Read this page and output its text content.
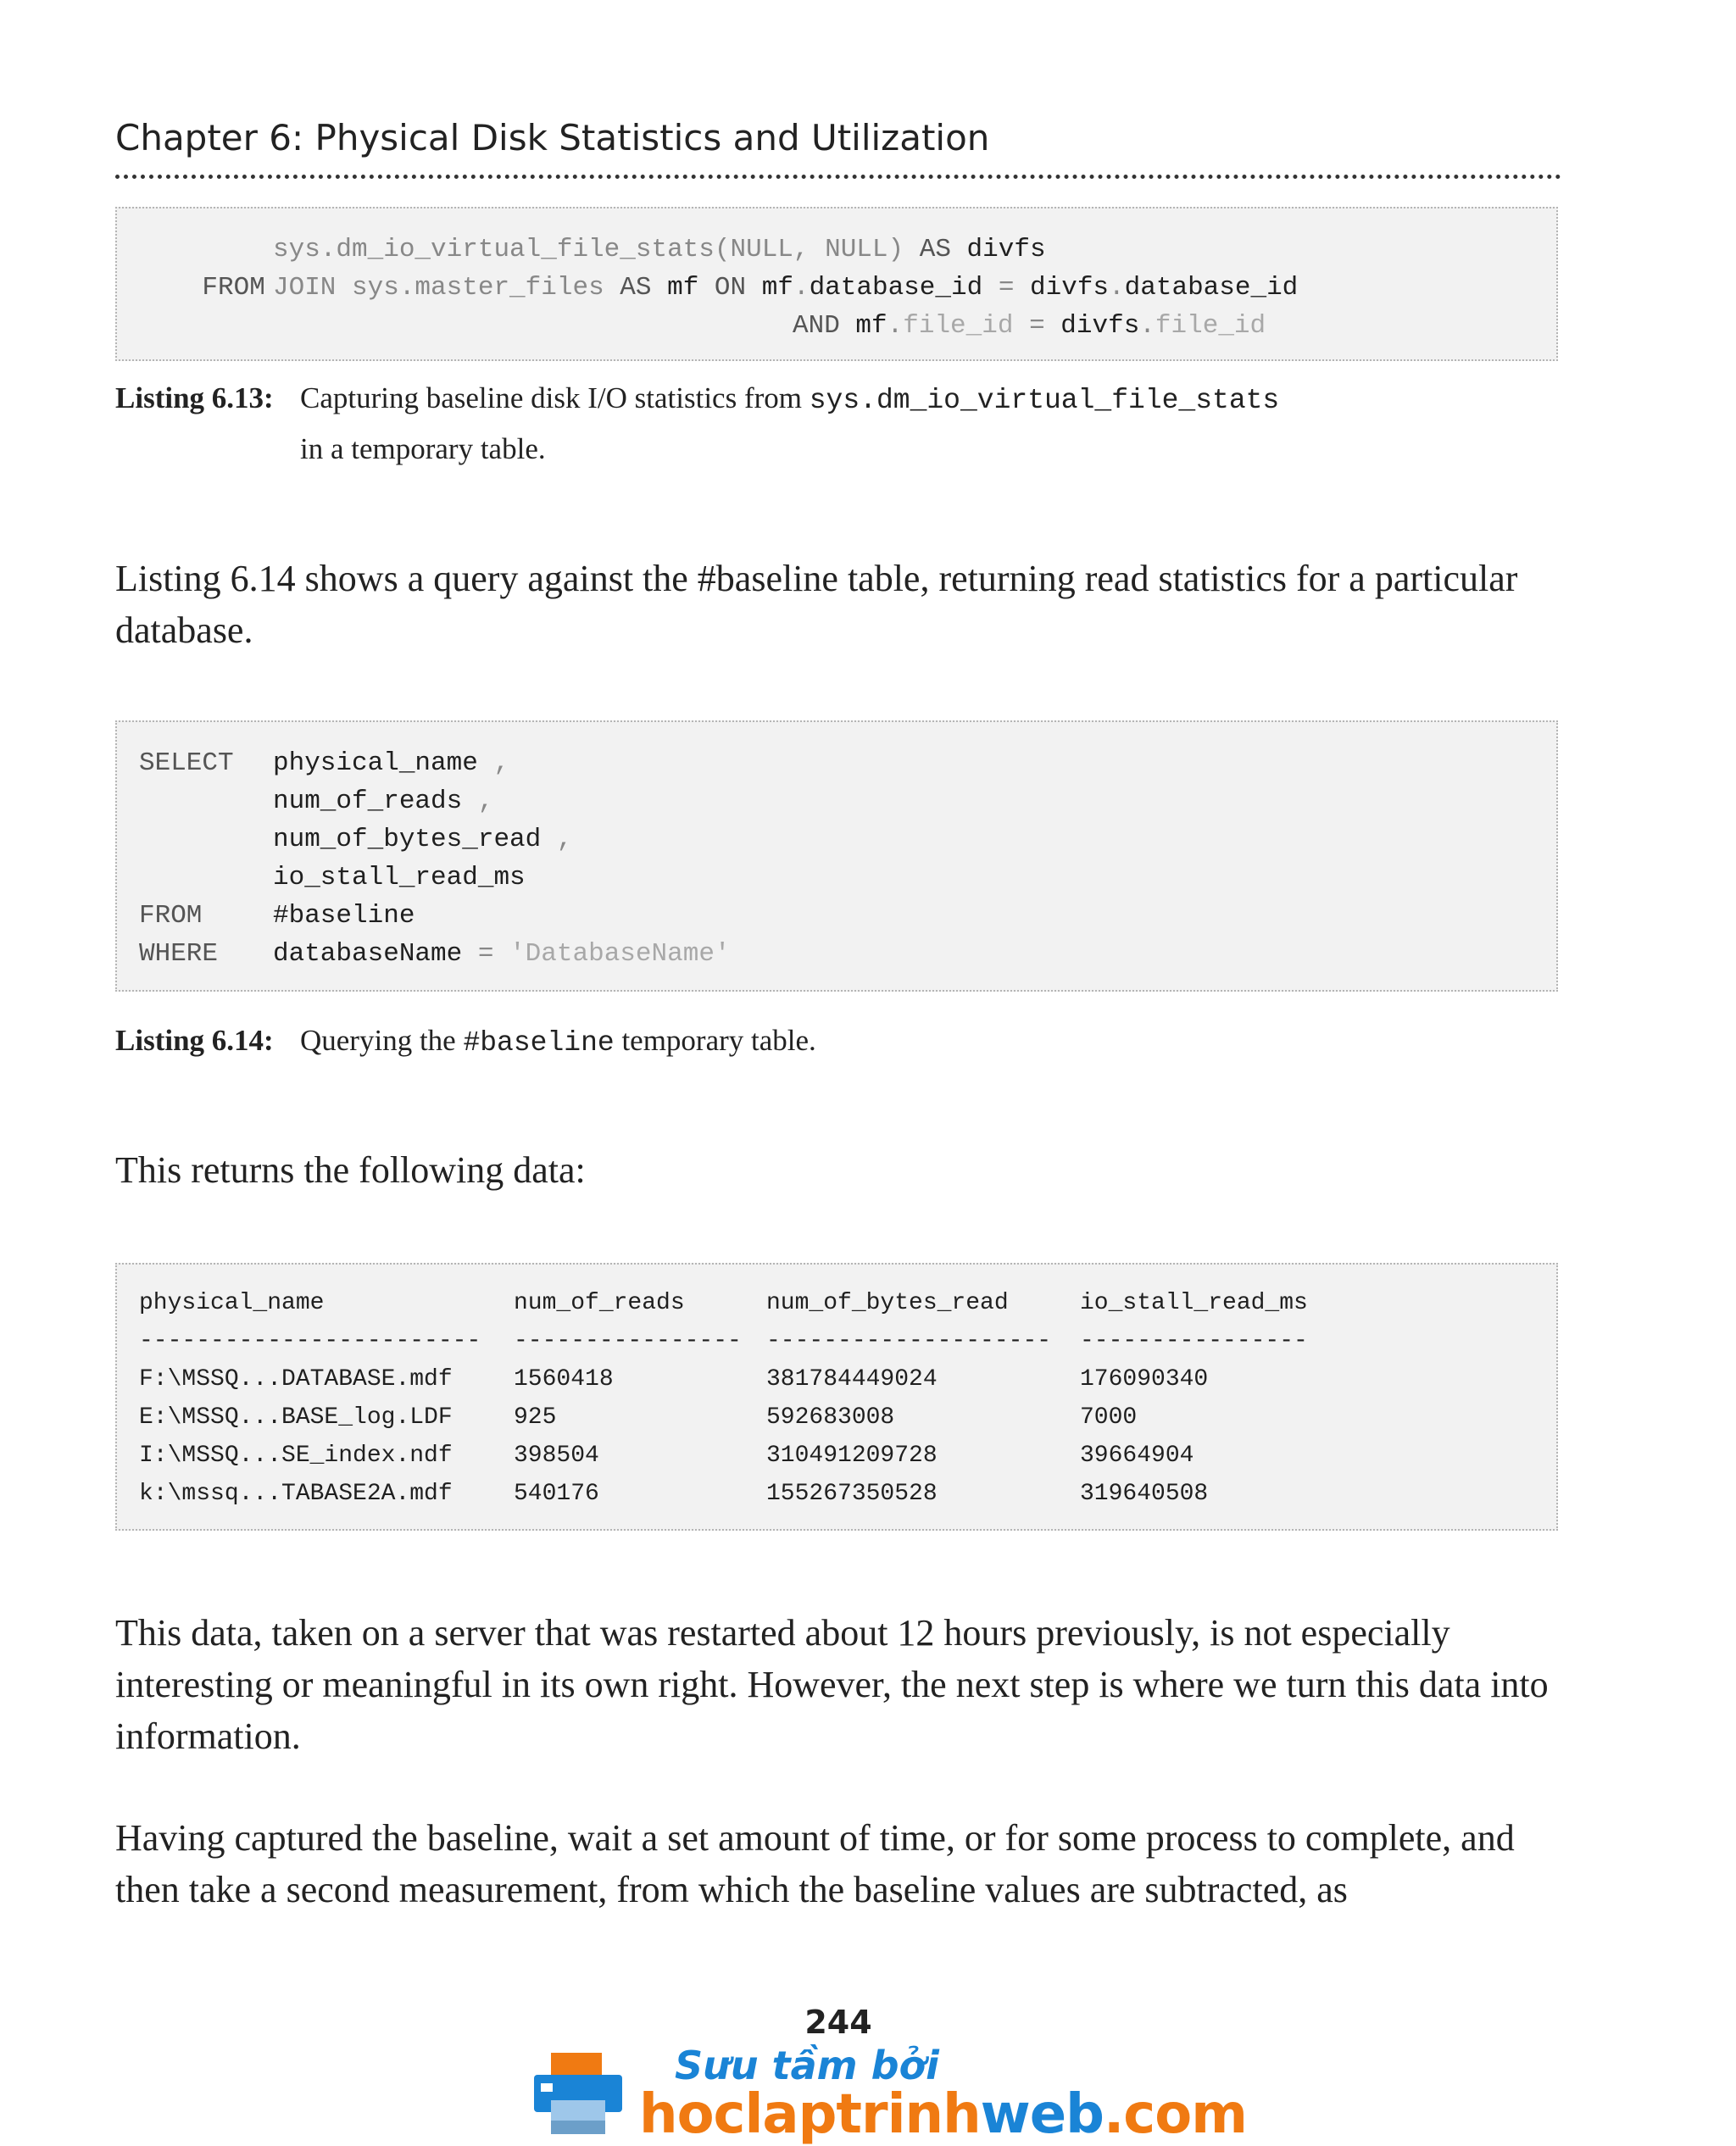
Chapter 6: Physical Disk Statistics and Utilization

FROM

sys.dm_io_virtual_file_stats(NULL, NULL) AS divfs
JOIN sys.master_files AS mf ON mf.database_id = divfs.database_id
AND mf.file_id = divfs.file_id
Listing 6.13: Capturing baseline disk I/O statistics from sys.dm_io_virtual_file_stats
in a temporary table.
Listing 6.14 shows a query against the #baseline table, returning read statistics for a particular database.
SELECT physical_name ,
num_of_reads ,
num_of_bytes_read ,
io_stall_read_ms
FROM	#baseline
WHERE databaseName = 'DatabaseName'
Listing 6.14: Querying the #baseline temporary table.
This returns the following data:
physical_name	num_of_reads	num_of_bytes_read	io_stall_read_ms
------------------------ ---------------- -------------------- ----------------
F:\MSSQ...DATABASE.mdf	1560418	381784449024	176090340
E:\MSSQ...BASE_log.LDF	925	592683008	7000
I:\MSSQ...SE_index.ndf	398504	310491209728	39664904
k:\mssq...TABASE2A.mdf	540176	155267350528	319640508
This data, taken on a server that was restarted about 12 hours previously, is not especially interesting or meaningful in its own right. However, the next step is where we turn this data into information.
Having captured the baseline, wait a set amount of time, or for some process to complete, and then take a second measurement, from which the baseline values are subtracted, as
244
Sưu tầm bởi
hoclaptrinhweb.com
